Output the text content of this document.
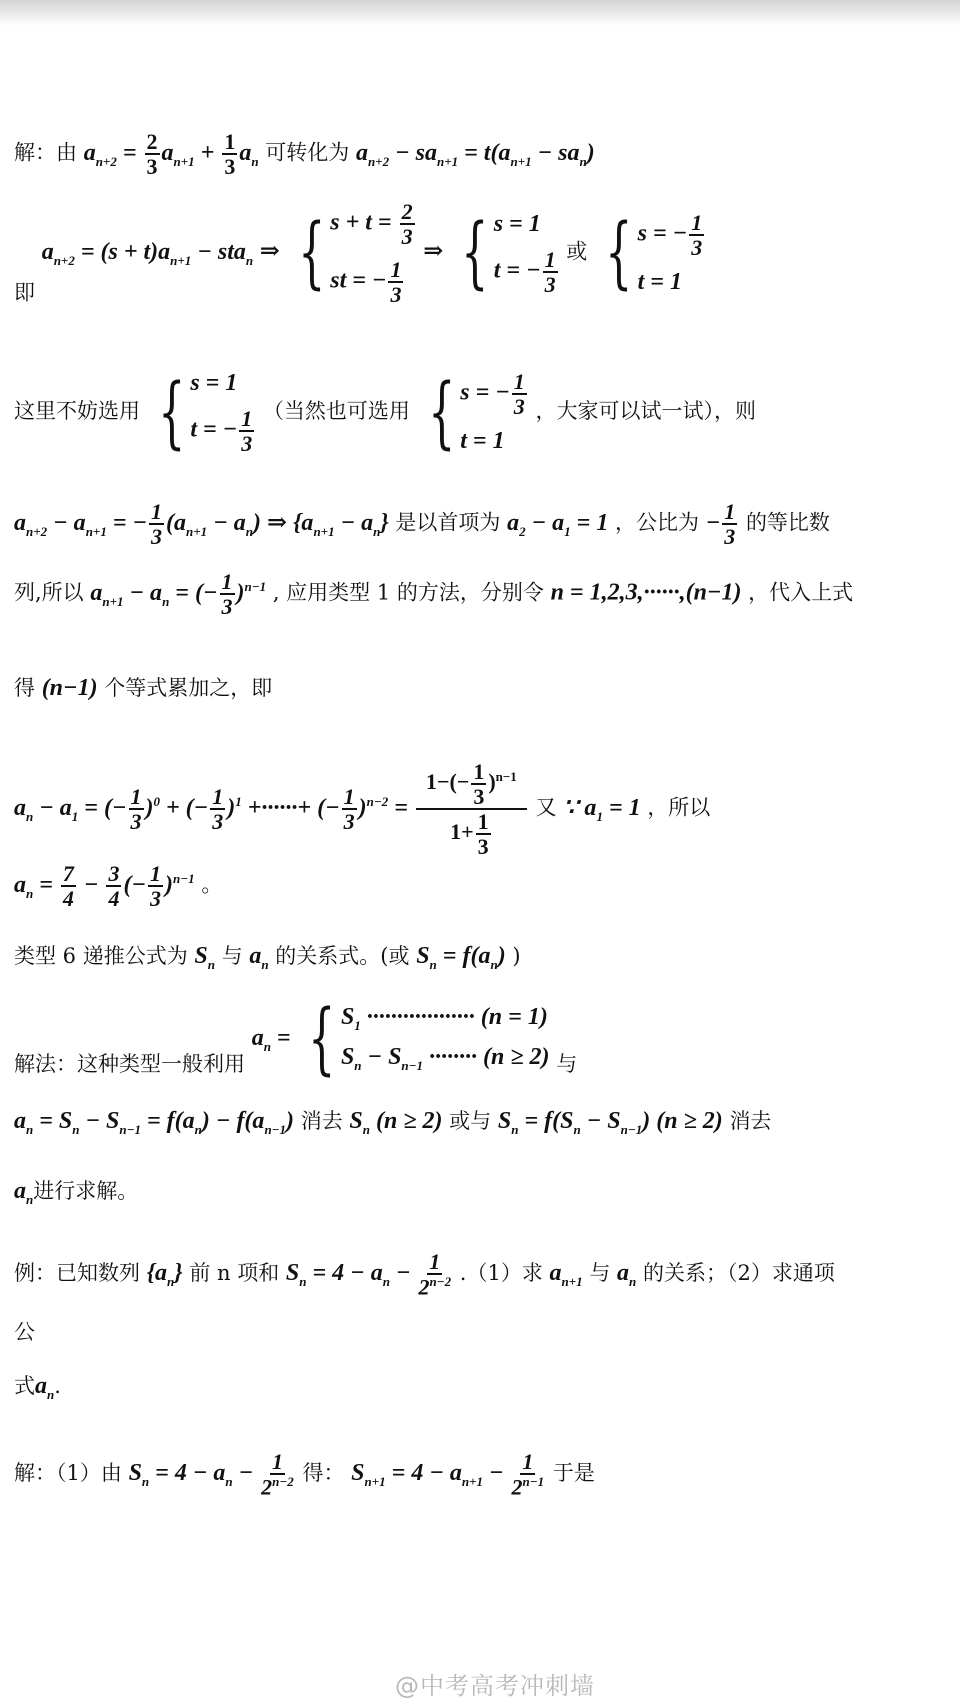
解：由 $a_{n+2} = \frac{2}{3} a_{n+1} + \frac{1}{3} a_n$ 可转化为 $a_{n+2} - sa_{n+1} = t(a_{n+1} - sa_n)$
即 $a_{n+2} = (s + t)a_{n+1} - sta_n$ ⇒ { $s + t = \frac{2}{3}$
st = − $\frac{1}{3}$
⇒ { s = 1
t = − $\frac{1}{3}$ 或 { s = − $\frac{1}{3}$
t = 1
这里不妨选用 { s = 1
t = − $\frac{1}{3}$ （当然也可选用 { s = − $\frac{1}{3}$
t = 1
，大家可以试一试），则
$a_{n+2} - a_{n+1}$ = − $\frac{1}{3} (a_{n+1} - a_n)$ ⇒ $\{a_{n+1} - a_n\}$ 是以首项为 $a_2 - a_1 = 1$ ，公比为 − $\frac{1}{3}$ 的等比数
列,所以 $a_{n+1} - a_n$ = (− $\frac{1}{3} )^{n-1}$ , 应用类型 1 的方法，分别令 n = 1,2,3,······,(n−1) ，代入上式
得 (n−1) 个等式累加之，即
$a_n - a_1$ = (− $\frac{1}{3} )^0$ + (− $\frac{1}{3} )^1$ +······+ (− $\frac{1}{3} )^{n-2} = \frac{1-(- \frac{1}{3} )^{n-1}}{1+ \frac{1}{3}}$ 又 ∵ $a_1 = 1$ ，所以
$a_n = \frac{7}{4} - \frac{3}{4}$ (− $\frac{1}{3} )^{n-1}$ 。
类型 6 递推公式为 $S_n$ 与 $a_n$ 的关系式。(或 $S_n = f(a_n)$ )
解法：这种类型一般利用 $a_n$ = { $S_1$ ·················· (n = 1)
$S_n - S_{n-1}$ ········ (n ≥ 2) 与
$a_n = S_n - S_{n-1} = f(a_n) - f(a_{n-1})$ 消去 $S_n$ (n ≥ 2) 或与 $S_n = f(S_n - S_{n-1}) (n \ge 2)$ 消去
$a_n$进行求解。
例：已知数列 $\{a_n\}$ 前 n 项和 $S_n = 4 - a_n - \frac{1}{2^{n-2}} .(1)$求 $a_{n+1}$ 与 $a_n$ 的关系；（2）求通项
公
式$a_n$.
解：（1）由 $S_n = 4 - a_n - \frac{1}{2^{n-2}}$ 得： $S_{n+1} = 4 - a_{n+1} - \frac{1}{2^{n-1}}$ 于是
@中考高考冲刺墙
